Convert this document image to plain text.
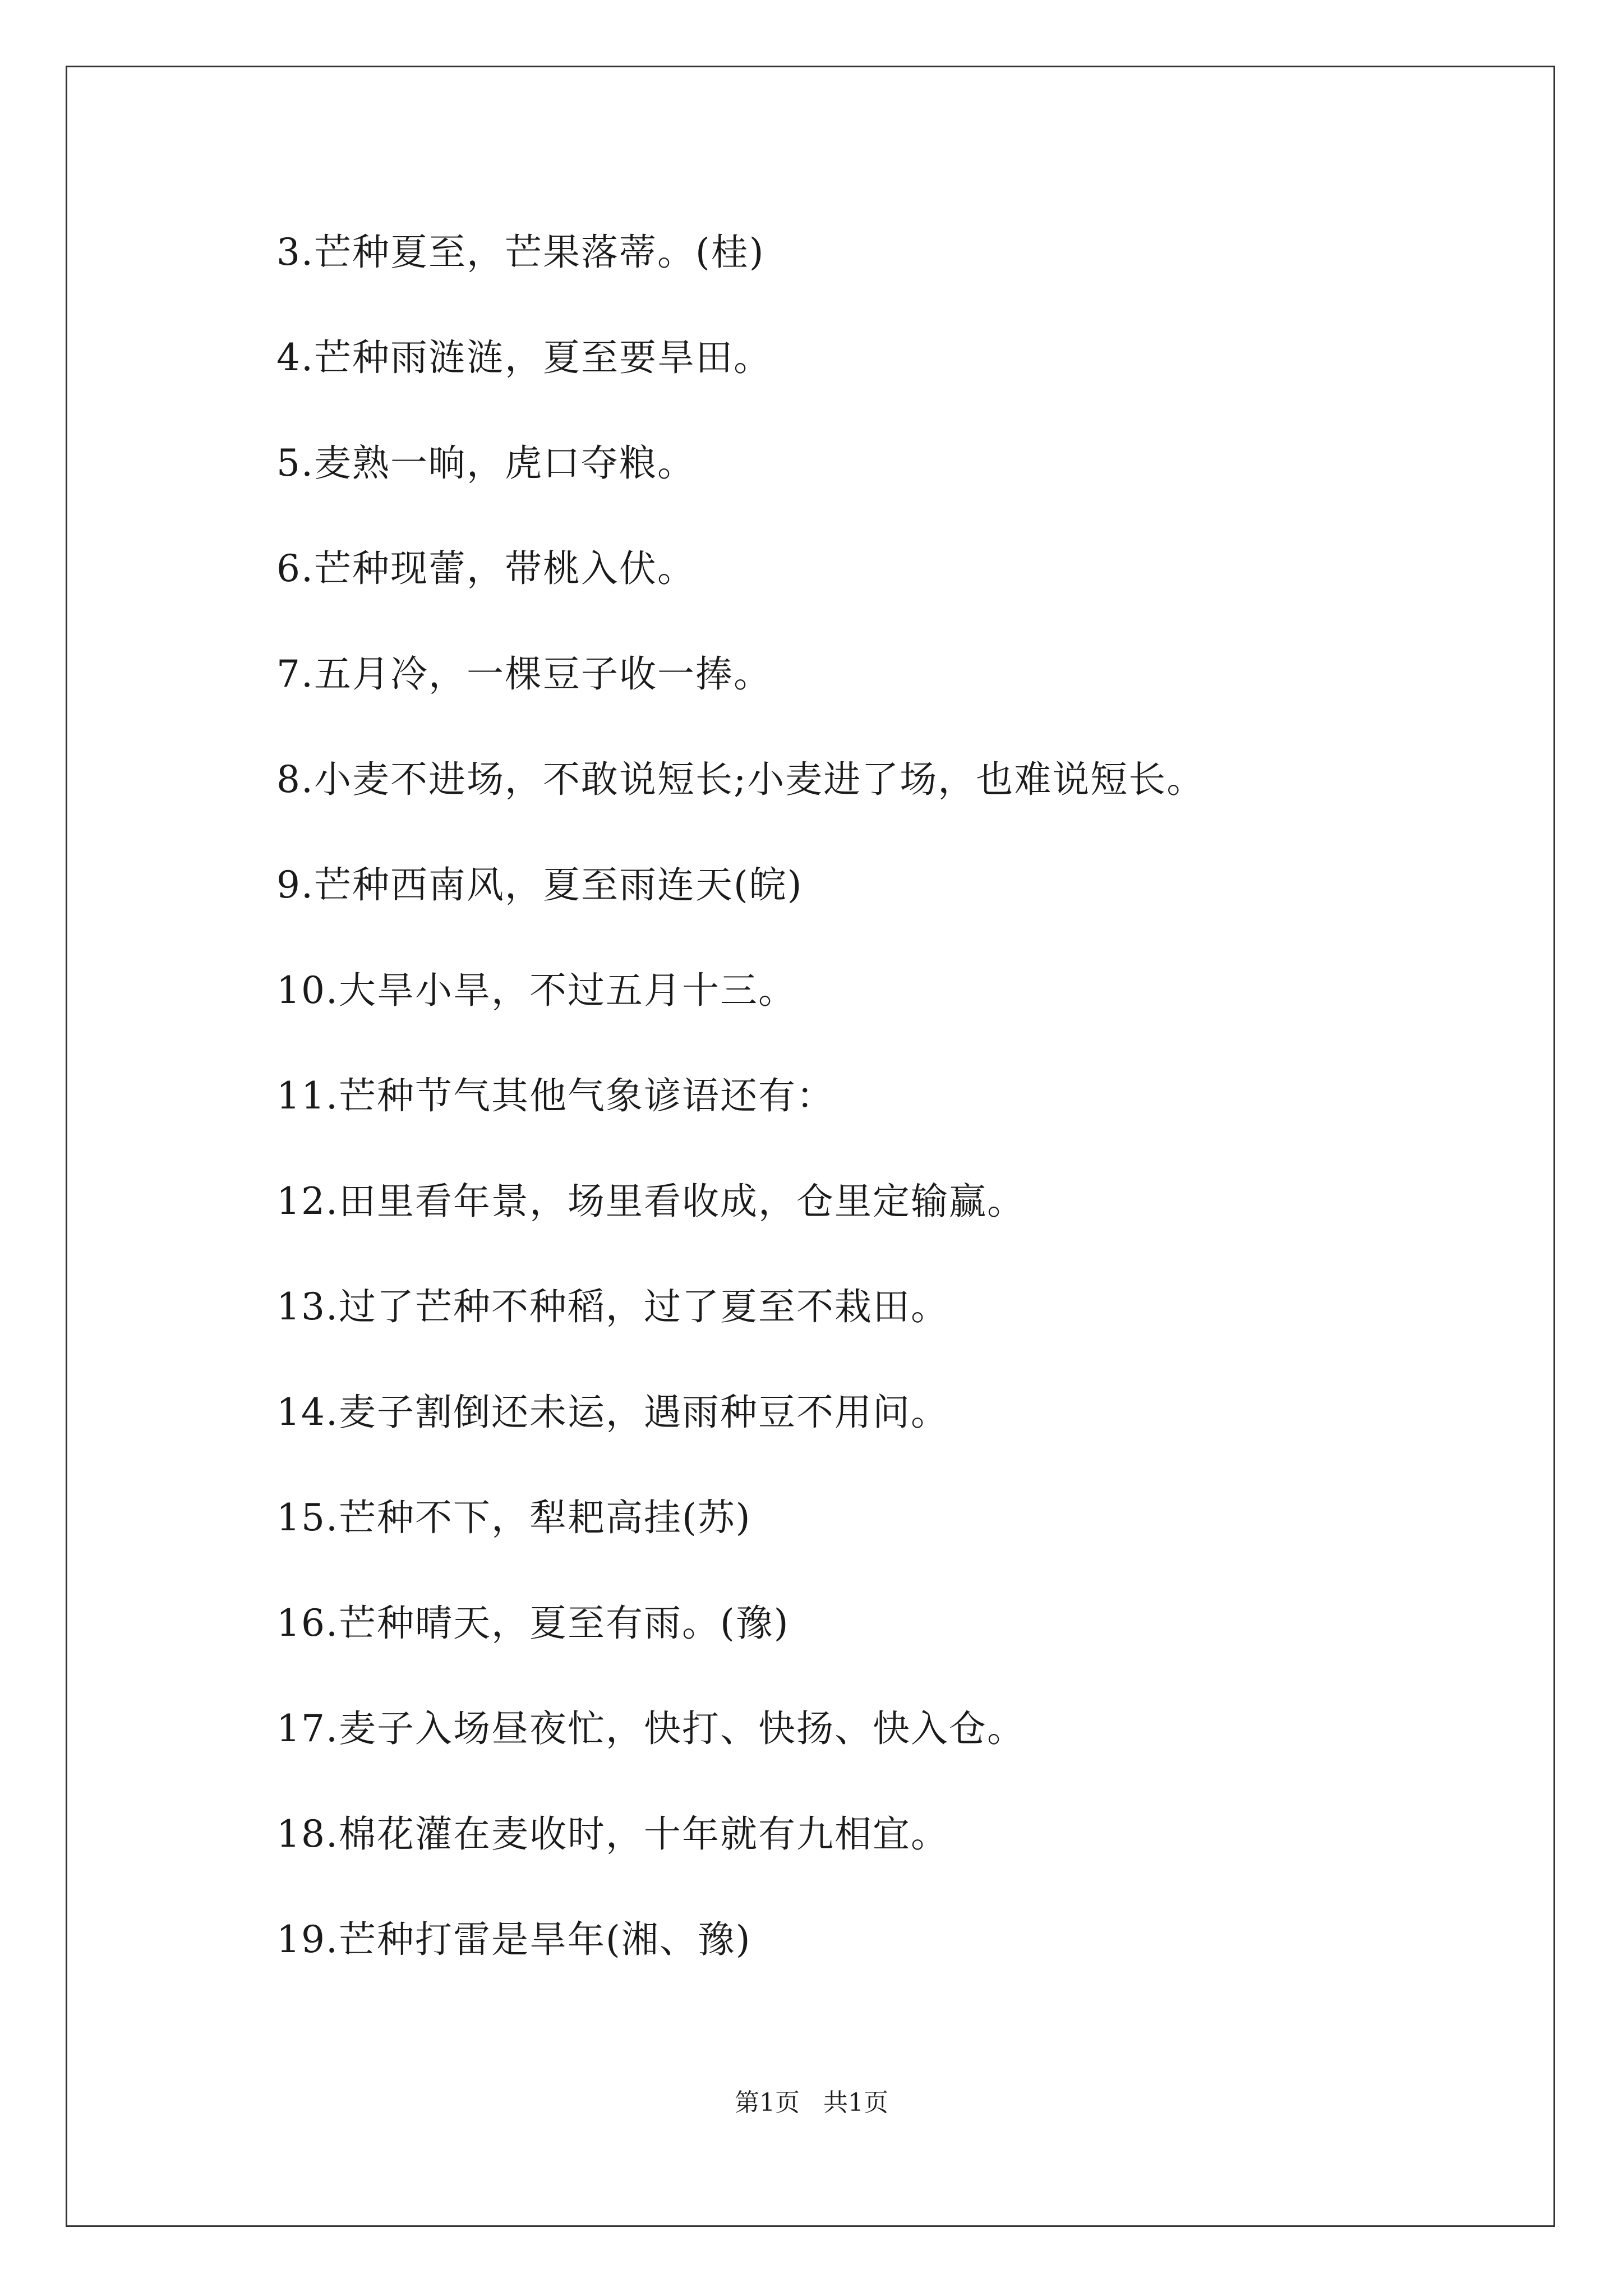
3.芒种夏至，芒果落蒂。(桂)
4.芒种雨涟涟，夏至要旱田。
5.麦熟一晌，虎口夺粮。
6.芒种现蕾，带桃入伏。
7.五月冷，一棵豆子收一捧。
8.小麦不进场，不敢说短长;小麦进了场，也难说短长。
9.芒种西南风，夏至雨连天(皖)
10.大旱小旱，不过五月十三。
11.芒种节气其他气象谚语还有：
12.田里看年景，场里看收成，仓里定输赢。
13.过了芒种不种稻，过了夏至不栽田。
14.麦子割倒还未运，遇雨种豆不用问。
15.芒种不下，犁耙高挂(苏)
16.芒种晴天，夏至有雨。(豫)
17.麦子入场昼夜忙，快打、快扬、快入仓。
18.棉花灌在麦收时，十年就有九相宜。
19.芒种打雷是旱年(湘、豫)
第1页   共1页
